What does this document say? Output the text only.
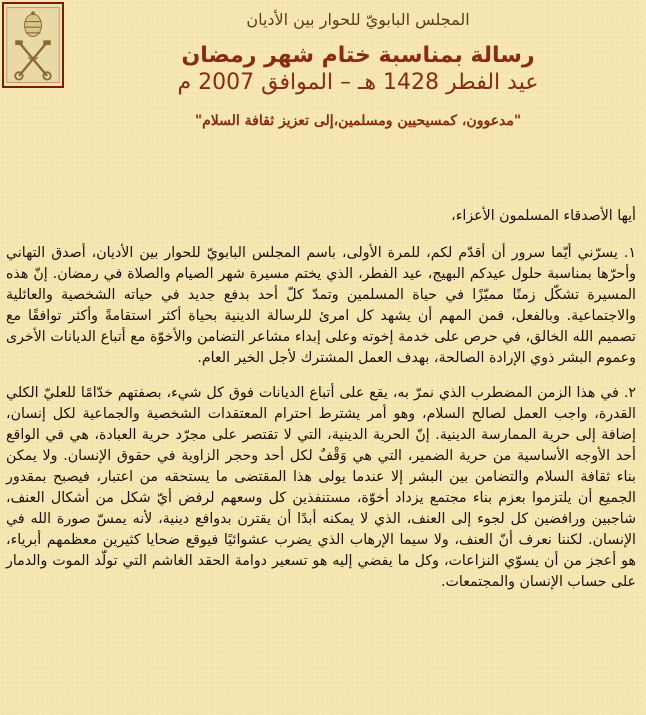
المجلس البابويّ للحوار بين الأديان
رسالة بمناسبة ختام شهر رمضان
عيد الفطر 1428 هـ – الموافق 2007 م
"مدعوون، كمسيحيين ومسلمين،إلى تعزيز ثقافة السلام"

أيها الأصدقاء المسلمون الأعزاء،

١. يسرّني أيّما سرور أن أقدّم لكم، للمرة الأولى، باسم المجلس البابويّ للحوار بين الأديان، أصدق التهاني وأحرّها بمناسبة حلول عيدكم البهيج، عيد الفطر، الذي يختم مسيرة شهر الصيام والصلاة في رمضان. إنّ هذه المسيرة تشكّل زمنًا مميّزًا في حياة المسلمين وتمدّ كلّ أحد بدفع جديد في حياته الشخصية والعائلية والاجتماعية. وبالفعل، فمن المهم أن يشهد كل امرئ للرسالة الدينية بحياة أكثر استقامةً وأكثر توافقًا مع تصميم الله الخالق، في حرص على خدمة إخوته وعلى إبداء مشاعر التضامن والأخوّة مع أتباع الديانات الأخرى وعموم البشر ذوي الإرادة الصالحة، بهدف العمل المشترك لأجل الخير العام.

٢. في هذا الزمن المضطرب الذي نمرّ به، يقع على أتباع الديانات فوق كل شيء، بصفتهم خدّامًا للعليّ الكلي القدرة، واجب العمل لصالح السلام، وهو أمر يشترط احترام المعتقدات الشخصية والجماعية لكل إنسان، إضافة إلى حرية الممارسة الدينية. إنّ الحرية الدينية، التي لا تقتصر على مجرّد حرية العبادة، هي في الواقع أحد الأوجه الأساسية من حرية الضمير، التي هي وَقْفٌ لكل أحد وحجر الزاوية في حقوق الإنسان. ولا يمكن بناء ثقافة السلام والتضامن بين البشر إلا عندما يولى هذا المقتضى ما يستحقه من اعتبار، فيصبح بمقدور الجميع أن يلتزموا بعزم بناء مجتمع يزداد أخوّة، مستنفذين كل وسعهم لرفض أيّ شكل من أشكال العنف، شاجبين ورافضين كل لجوء إلى العنف، الذي لا يمكنه أبدًا أن يقترن بدوافع دينية، لأنه يمسّ صورة الله في الإنسان. لكننا نعرف أنّ العنف، ولا سيما الإرهاب الذي يضرب عشوائيًا فيوقع ضحايا كثيرين معظمهم أبرياء، هو أعجز من أن يسوّي النزاعات، وكل ما يفضي إليه هو تسعير دوامة الحقد الغاشم التي تولّد الموت والدمار على حساب الإنسان والمجتمعات.
